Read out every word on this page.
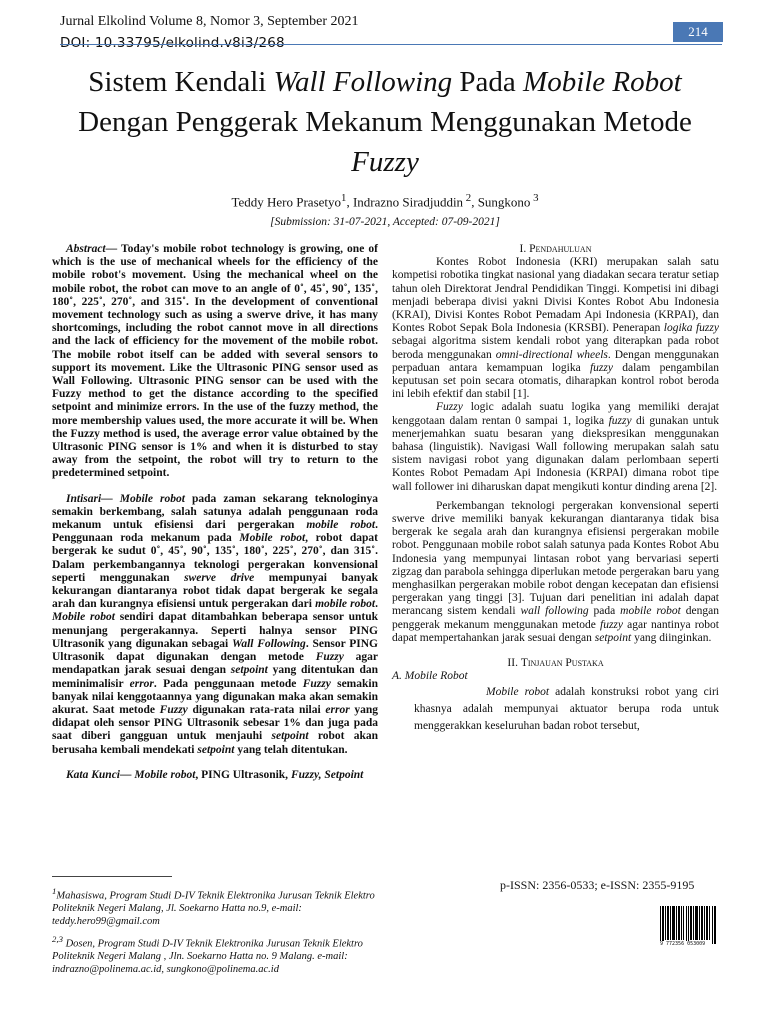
Jurnal Elkolind Volume 8, Nomor 3, September 2021
DOI: 10.33795/elkolind.v8i3/268
214
Sistem Kendali Wall Following Pada Mobile Robot
Dengan Penggerak Mekanum Menggunakan Metode
Fuzzy
Teddy Hero Prasetyo$^1$, Indrazno Siradjuddin $^2$, Sungkono $^3$
[Submission: 31-07-2021, Accepted: 07-09-2021]

Abstract— Today's mobile robot technology is growing, one of which is the use of mechanical wheels for the efficiency of the mobile robot's movement. Using the mechanical wheel on the mobile robot, the robot can move to an angle of 0˚, 45˚, 90˚, 135˚, 180˚, 225˚, 270˚, and 315˚. In the development of conventional movement technology such as using a swerve drive, it has many shortcomings, including the robot cannot move in all directions and the lack of efficiency for the movement of the mobile robot. The mobile robot itself can be added with several sensors to support its movement. Like the Ultrasonic PING sensor used as Wall Following. Ultrasonic PING sensor can be used with the Fuzzy method to get the distance according to the specified setpoint and minimize errors. In the use of the fuzzy method, the more membership values used, the more accurate it will be. When the Fuzzy method is used, the average error value obtained by the Ultrasonic PING sensor is 1% and when it is disturbed to stay away from the setpoint, the robot will try to return to the predetermined setpoint.

Intisari— Mobile robot pada zaman sekarang teknologinya semakin berkembang, salah satunya adalah penggunaan roda mekanum untuk efisiensi dari pergerakan mobile robot. Penggunaan roda mekanum pada Mobile robot, robot dapat bergerak ke sudut 0˚, 45˚, 90˚, 135˚, 180˚, 225˚, 270˚, dan 315˚. Dalam perkembangannya teknologi pergerakan konvensional seperti menggunakan swerve drive mempunyai banyak kekurangan diantaranya robot tidak dapat bergerak ke segala arah dan kurangnya efisiensi untuk pergerakan dari mobile robot. Mobile robot sendiri dapat ditambahkan beberapa sensor untuk menunjang pergerakannya. Seperti halnya sensor PING Ultrasonik yang digunakan sebagai Wall Following. Sensor PING Ultrasonik dapat digunakan dengan metode Fuzzy agar mendapatkan jarak sesuai dengan setpoint yang ditentukan dan meminimalisir error. Pada penggunaan metode Fuzzy semakin banyak nilai kenggotaannya yang digunakan maka akan semakin akurat. Saat metode Fuzzy digunakan rata-rata nilai error yang didapat oleh sensor PING Ultrasonik sebesar 1% dan juga pada saat diberi gangguan untuk menjauhi setpoint robot akan berusaha kembali mendekati setpoint yang telah ditentukan.

Kata Kunci— Mobile robot, PING Ultrasonik, Fuzzy, Setpoint

I. Pendahuluan

Kontes Robot Indonesia (KRI) merupakan salah satu kompetisi robotika tingkat nasional yang diadakan secara teratur setiap tahun oleh Direktorat Jendral Pendidikan Tinggi. Kompetisi ini dibagi menjadi beberapa divisi yakni Divisi Kontes Robot Abu Indonesia (KRAI), Divisi Kontes Robot Pemadam Api Indonesia (KRPAI), dan Kontes Robot Sepak Bola Indonesia (KRSBI). Penerapan logika fuzzy sebagai algoritma sistem kendali robot yang diterapkan pada robot beroda menggunakan omni-directional wheels. Dengan menggunakan perpaduan antara kemampuan logika fuzzy dalam pengambilan keputusan set poin secara otomatis, diharapkan kontrol robot beroda ini lebih efektif dan stabil [1].

Fuzzy logic adalah suatu logika yang memiliki derajat kenggotaan dalam rentan 0 sampai 1, logika fuzzy di gunakan untuk menerjemahkan suatu besaran yang diekspresikan menggunakan bahasa (linguistik). Navigasi Wall following merupakan salah satu sistem navigasi robot yang digunakan dalam perlombaan seperti Kontes Robot Pemadam Api Indonesia (KRPAI) dimana robot tipe wall follower ini diharuskan dapat mengikuti kontur dinding arena [2].

Perkembangan teknologi pergerakan konvensional seperti swerve drive memiliki banyak kekurangan diantaranya tidak bisa bergerak ke segala arah dan kurangnya efisiensi pergerakan mobile robot. Penggunaan mobile robot salah satunya pada Kontes Robot Abu Indonesia yang mempunyai lintasan robot yang bervariasi seperti zigzag dan parabola sehingga diperlukan metode pergerakan baru yang menghasilkan pergerakan mobile robot dengan kecepatan dan efisiensi pergerakan yang tinggi [3]. Tujuan dari penelitian ini adalah dapat merancang sistem kendali wall following pada mobile robot dengan penggerak mekanum menggunakan metode fuzzy agar nantinya robot dapat mempertahankan jarak sesuai dengan setpoint yang diinginkan.

II. Tinjauan Pustaka

A. Mobile Robot

Mobile robot adalah konstruksi robot yang ciri khasnya adalah mempunyai aktuator berupa roda untuk menggerakkan keseluruhan badan robot tersebut,

$^1$Mahasiswa, Program Studi D-IV Teknik Elektronika Jurusan Teknik Elektro Politeknik Negeri Malang, Jl. Soekarno Hatta no.9, e-mail: teddy.hero99@gmail.com

$^{2,3}$ Dosen, Program Studi D-IV Teknik Elektronika Jurusan Teknik Elektro Politeknik Negeri Malang , Jln. Soekarno Hatta no. 9 Malang. e-mail: indrazno@polinema.ac.id, sungkono@polinema.ac.id

p-ISSN: 2356-0533; e-ISSN: 2355-9195
9 772356 053009
